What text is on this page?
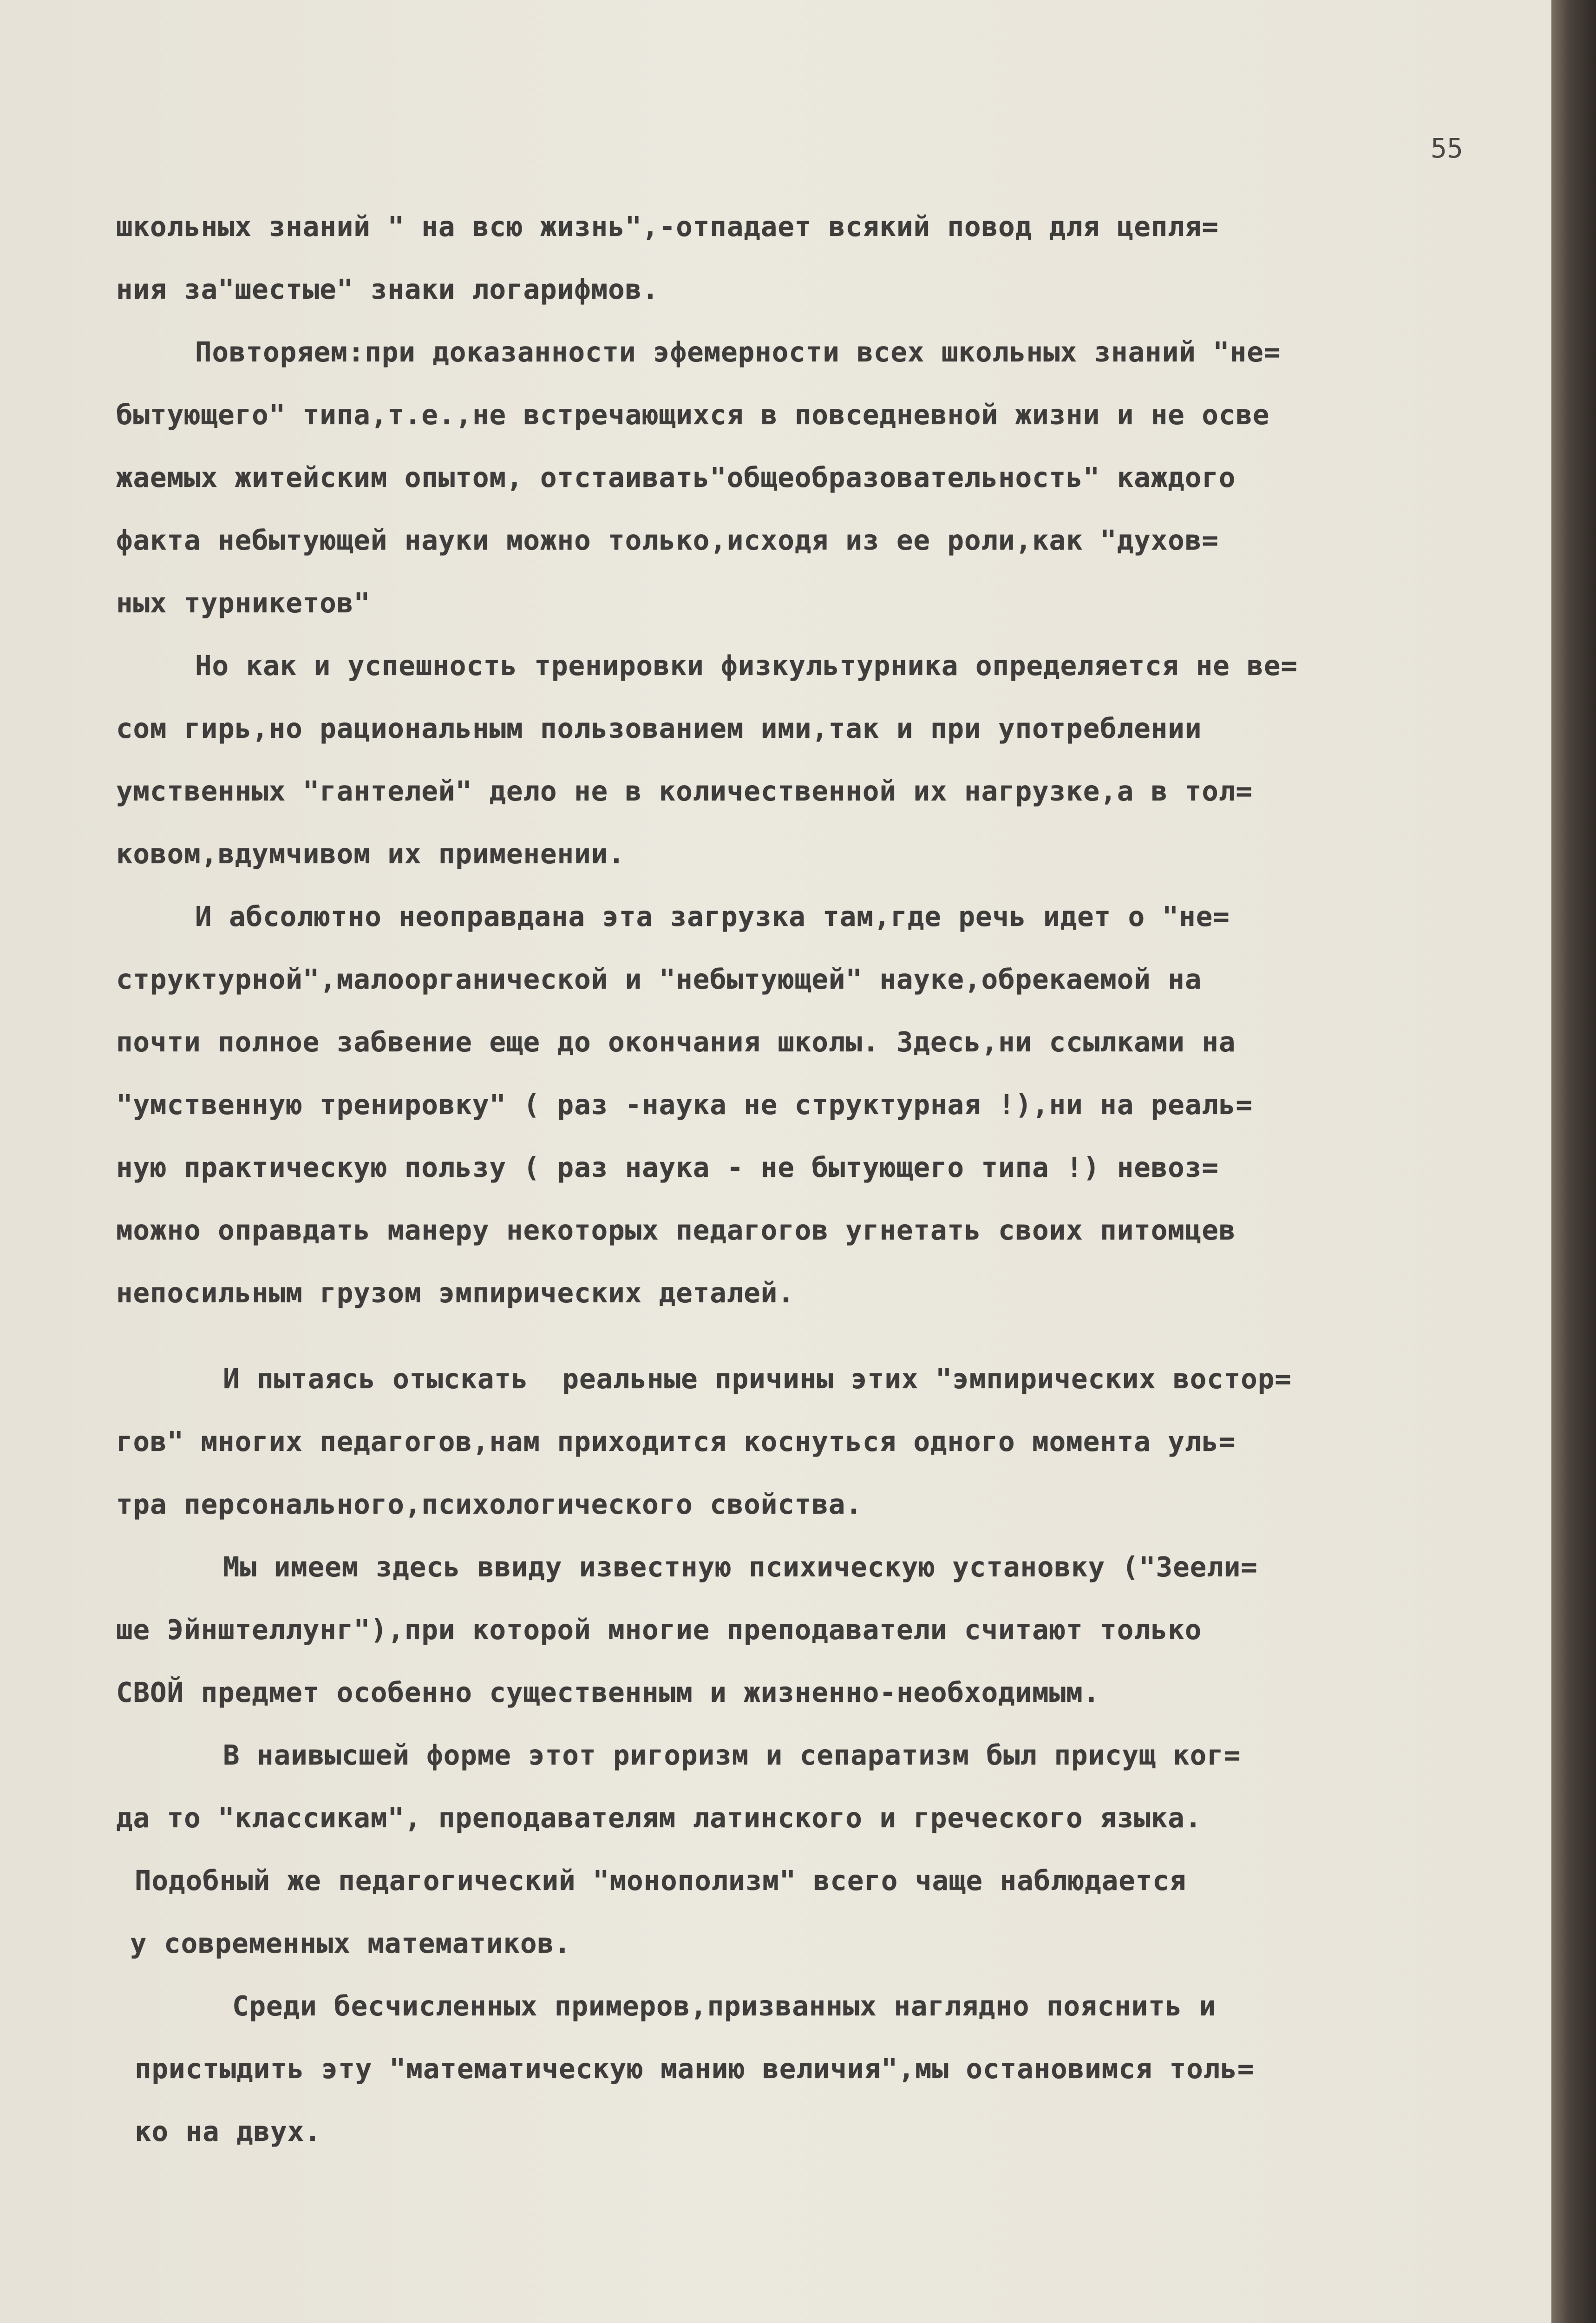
55
школьных знаний " на всю жизнь",-отпадает всякий повод для цепля=
ния за"шестые" знаки логарифмов.
Повторяем:при доказанности эфемерности всех школьных знаний "не=
бытующего" типа,т.е.,не встречающихся в повседневной жизни и не осве
жаемых житейским опытом, отстаивать"общеобразовательность" каждого
факта небытующей науки можно только,исходя из ее роли,как "духов=
ных турникетов"
Но как и успешность тренировки физкультурника определяется не ве=
сом гирь,но рациональным пользованием ими,так и при употреблении
умственных "гантелей" дело не в количественной их нагрузке,а в тол=
ковом,вдумчивом их применении.
И абсолютно неоправдана эта загрузка там,где речь идет о "не=
структурной",малоорганической и "небытующей" науке,обрекаемой на
почти полное забвение еще до окончания школы. Здесь,ни ссылками на
"умственную тренировку" ( раз -наука не структурная !),ни на реаль=
ную практическую пользу ( раз наука - не бытующего типа !) невоз=
можно оправдать манеру некоторых педагогов угнетать своих питомцев
непосильным грузом эмпирических деталей.
И пытаясь отыскать  реальные причины этих "эмпирических востор=
гов" многих педагогов,нам приходится коснуться одного момента уль=
тра персонального,психологического свойства.
Мы имеем здесь ввиду известную психическую установку ("Зеели=
ше Эйнштеллунг"),при которой многие преподаватели считают только
СВОЙ предмет особенно существенным и жизненно-необходимым.
В наивысшей форме этот ригоризм и сепаратизм был присущ ког=
да то "классикам", преподавателям латинского и греческого языка.
Подобный же педагогический "монополизм" всего чаще наблюдается
у современных математиков.
Среди бесчисленных примеров,призванных наглядно пояснить и
пристыдить эту "математическую манию величия",мы остановимся толь=
ко на двух.
